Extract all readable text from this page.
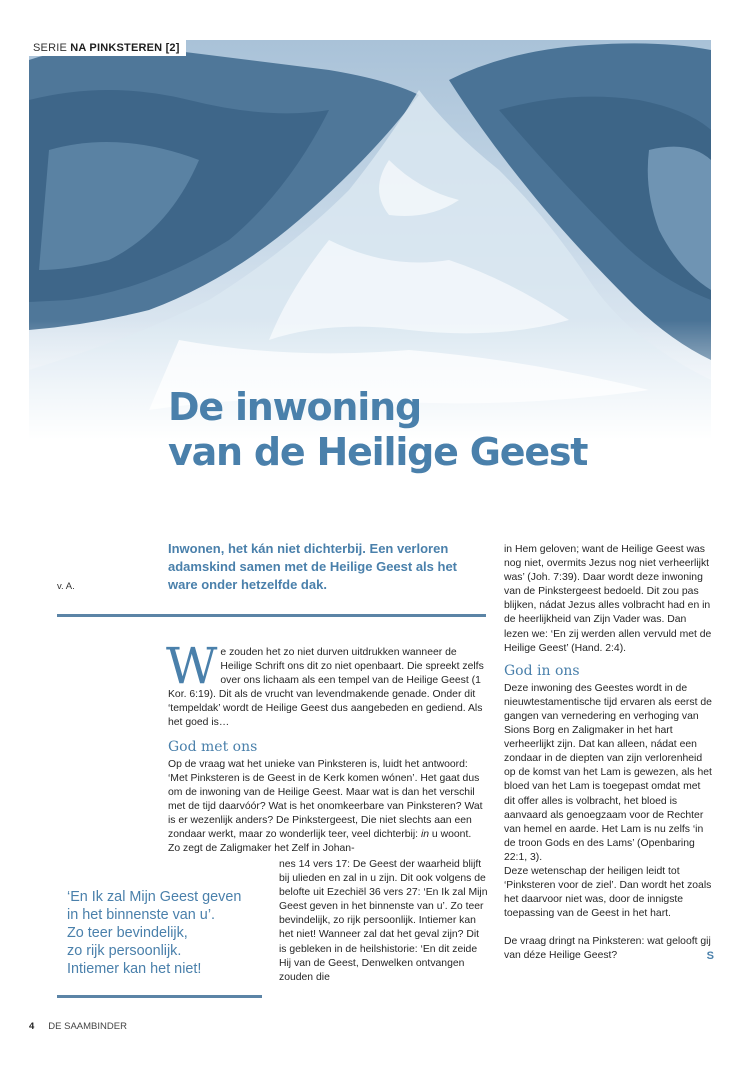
SERIE NA PINKSTEREN [2]
De inwoning
van de Heilige Geest
v. A.

Inwonen, het kán niet dichterbij. Een verloren adamskind samen met de Heilige Geest als het ware onder hetzelfde dak.

We zouden het zo niet durven uitdrukken wanneer de Heilige Schrift ons dit zo niet openbaart. Die spreekt zelfs over ons lichaam als een tempel van de Heilige Geest (1 Kor. 6:19). Dit als de vrucht van levendmakende genade. Onder dit ‘tempeldak’ wordt de Heilige Geest dus aangebeden en gediend. Als het goed is…

God met ons

Op de vraag wat het unieke van Pinksteren is, luidt het antwoord: ‘Met Pinksteren is de Geest in de Kerk komen wónen’. Het gaat dus om de inwoning van de Heilige Geest. Maar wat is dan het verschil met de tijd daarvóór? Wat is het onomkeerbare van Pinksteren? Wat is er wezenlijk anders? De Pinkstergeest, Die niet slechts aan een zondaar werkt, maar zo wonderlijk teer, veel dichterbij: in u woont. Zo zegt de Zaligmaker het Zelf in Johan-

nes 14 vers 17: De Geest der waarheid blijft bij ulieden en zal in u zijn. Dit ook volgens de belofte uit Ezechiël 36 vers 27: ‘En Ik zal Mijn Geest geven in het binnenste van u’. Zo teer bevindelijk, zo rijk persoonlijk. Intiemer kan het niet! Wanneer zal dat het geval zijn? Dit is gebleken in de heilshistorie: ‘En dit zeide Hij van de Geest, Denwelken ontvangen zouden die
‘En Ik zal Mijn Geest geven
in het binnenste van u’.
Zo teer bevindelijk,
zo rijk persoonlijk.
Intiemer kan het niet!

in Hem geloven; want de Heilige Geest was nog niet, overmits Jezus nog niet verheerlijkt was’ (Joh. 7:39). Daar wordt deze inwoning van de Pinkstergeest bedoeld. Dit zou pas blijken, nádat Jezus alles volbracht had en in de heerlijkheid van Zijn Vader was. Dan lezen we: ‘En zij werden allen vervuld met de Heilige Geest’ (Hand. 2:4).

God in ons

Deze inwoning des Geestes wordt in de nieuwtestamentische tijd ervaren als eerst de gangen van vernedering en verhoging van Sions Borg en Zaligmaker in het hart verheerlijkt zijn. Dat kan alleen, nádat een zondaar in de diepten van zijn verlorenheid op de komst van het Lam is gewezen, als het bloed van het Lam is toegepast omdat met dit offer alles is volbracht, het bloed is aanvaard als genoegzaam voor de Rechter van hemel en aarde. Het Lam is nu zelfs ‘in de troon Gods en des Lams’ (Openbaring 22:1, 3).

Deze wetenschap der heiligen leidt tot ‘Pinksteren voor de ziel’. Dan wordt het zoals het daarvoor niet was, door de innigste toepassing van de Geest in het hart.

De vraag dringt na Pinksteren: wat gelooft gij van déze Heilige Geest?	S

4 DE SAAMBINDER
